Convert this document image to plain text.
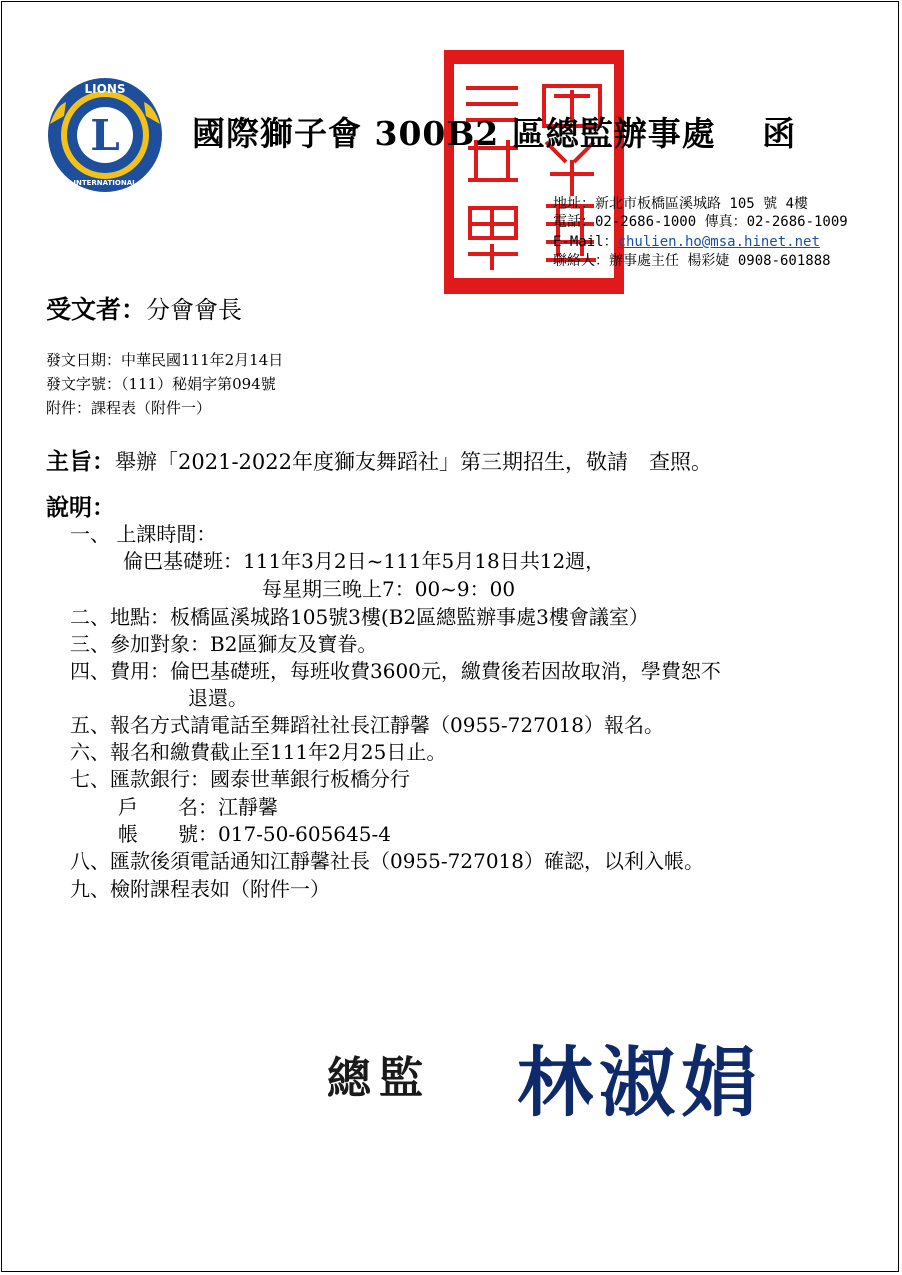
L
LIONS
INTERNATIONAL
國際獅子會 300B2 區總監辦事處　 函
地址：新北市板橋區溪城路 105 號 4樓
電話：02-2686-1000 傳真：02-2686-1009
E-Mail：chulien.ho@msa.hinet.net
聯絡人：辦事處主任 楊彩婕 0908-601888
受文者：分會會長
發文日期：中華民國111年2月14日
發文字號：（111）秘娟字第094號
附件：課程表（附件一）
主旨：舉辦「2021-2022年度獅友舞蹈社」第三期招生，敬請　查照。
說明：
一、 上課時間：
倫巴基礎班：111年3月2日~111年5月18日共12週，
每星期三晚上7：00~9：00
二、地點：板橋區溪城路105號3樓(B2區總監辦事處3樓會議室）
三、參加對象：B2區獅友及寶眷。
四、費用：倫巴基礎班，每班收費3600元，繳費後若因故取消，學費恕不
退還。
五、報名方式請電話至舞蹈社社長江靜馨（0955-727018）報名。
六、報名和繳費截止至111年2月25日止。
七、匯款銀行：國泰世華銀行板橋分行
戶　　名：江靜馨
帳　　號：017-50-605645-4
八、匯款後須電話通知江靜馨社長（0955-727018）確認，以利入帳。
九、檢附課程表如（附件一）
總監 林淑娟
